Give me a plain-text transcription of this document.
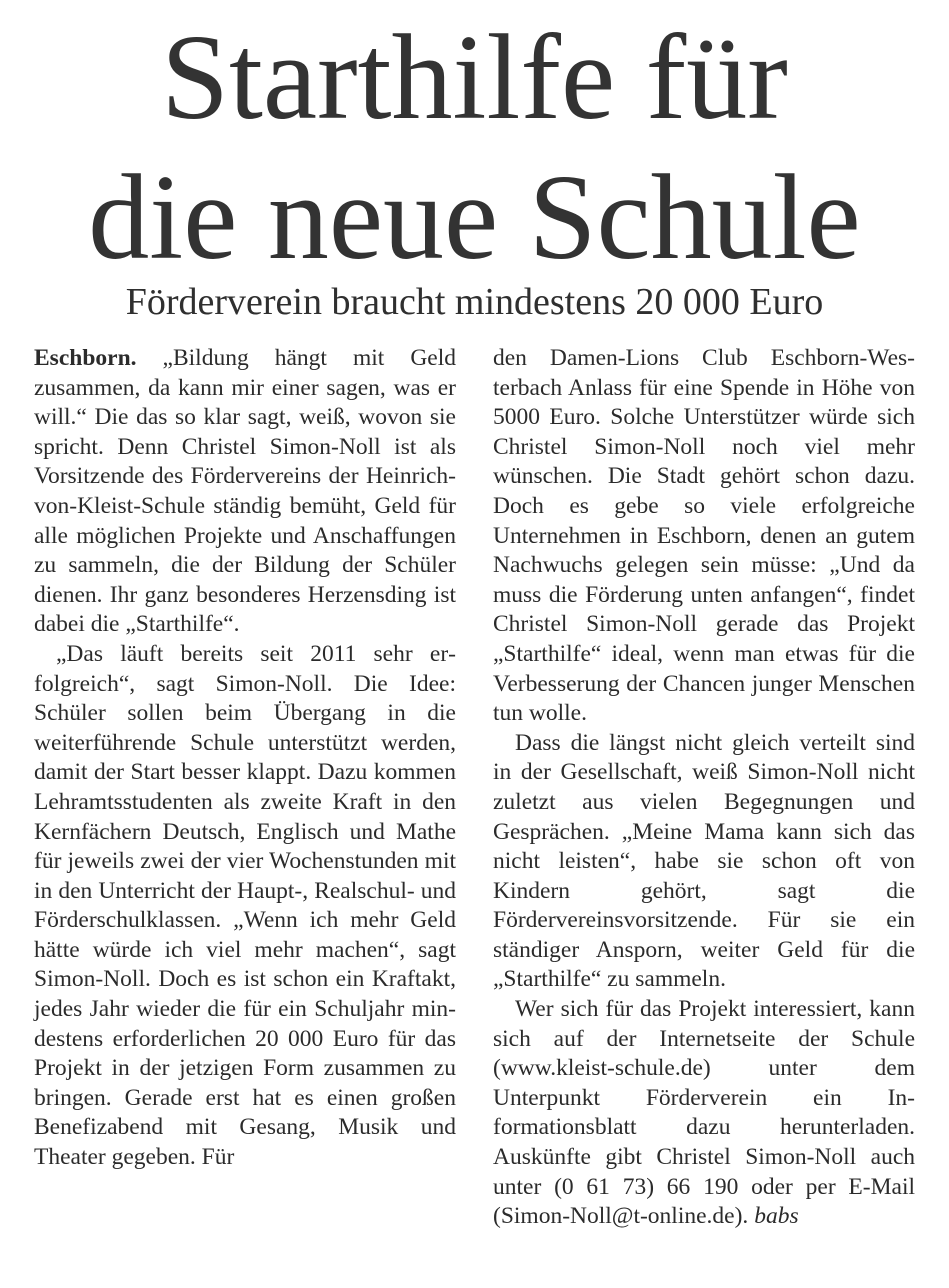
Starthilfe für
die neue Schule
Förderverein braucht mindestens 20 000 Euro

Eschborn. „Bildung hängt mit Geld zusammen, da kann mir einer sagen, was er will.“ Die das so klar sagt, weiß, wovon sie spricht. Denn Christel Simon-Noll ist als Vorsitzende des Fördervereins der Heinrich-von-Kleist-Schule ständig bemüht, Geld für alle möglichen Projekte und Anschaffungen zu sammeln, die der Bildung der Schüler dienen. Ihr ganz besonderes Herzensding ist dabei die „Starthilfe“.

„Das läuft bereits seit 2011 sehr erfolgreich“, sagt Simon-Noll. Die Idee: Schüler sollen beim Übergang in die weiterführende Schule unterstützt werden, damit der Start besser klappt. Dazu kommen Lehramtsstudenten als zweite Kraft in den Kernfächern Deutsch, Englisch und Mathe für jeweils zwei der vier Wochenstunden mit in den Unterricht der Haupt-, Realschul- und Förderschulklassen. „Wenn ich mehr Geld hätte würde ich viel mehr machen“, sagt Simon-Noll. Doch es ist schon ein Kraftakt, jedes Jahr wieder die für ein Schuljahr mindestens erforderlichen 20 000 Euro für das Projekt in der jetzigen Form zusammen zu bringen. Gerade erst hat es einen großen Benefizabend mit Gesang, Musik und Theater gegeben. Für

den Damen-Lions Club Eschborn-Westerbach Anlass für eine Spende in Höhe von 5000 Euro. Solche Unterstützer würde sich Christel Simon-Noll noch viel mehr wünschen. Die Stadt gehört schon dazu. Doch es gebe so viele erfolgreiche Unternehmen in Eschborn, denen an gutem Nachwuchs gelegen sein müsse: „Und da muss die Förderung unten anfangen“, findet Christel Simon-Noll gerade das Projekt „Starthilfe“ ideal, wenn man etwas für die Verbesserung der Chancen junger Menschen tun wolle.

Dass die längst nicht gleich verteilt sind in der Gesellschaft, weiß Simon-Noll nicht zuletzt aus vielen Begegnungen und Gesprächen. „Meine Mama kann sich das nicht leisten“, habe sie schon oft von Kindern gehört, sagt die Fördervereinsvorsitzende. Für sie ein ständiger Ansporn, weiter Geld für die „Starthilfe“ zu sammeln.

Wer sich für das Projekt interessiert, kann sich auf der Internetseite der Schule (www.kleist-schule.de) unter dem Unterpunkt Förderverein ein Informationsblatt dazu herunterladen. Auskünfte gibt Christel Simon-Noll auch unter (0 61 73) 66 190 oder per E-Mail (Simon-Noll@t-online.de). babs
